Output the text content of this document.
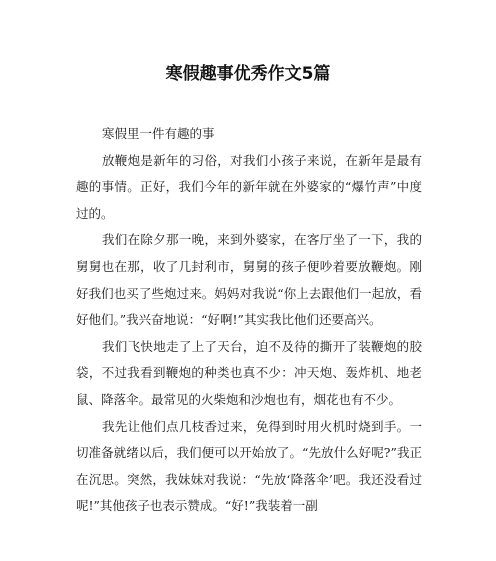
寒假趣事优秀作文5篇

寒假里一件有趣的事

放鞭炮是新年的习俗，对我们小孩子来说，在新年是最有趣的事情。正好，我们今年的新年就在外婆家的“爆竹声”中度过的。

我们在除夕那一晚，来到外婆家，在客厅坐了一下，我的舅舅也在那，收了几封利市，舅舅的孩子便吵着要放鞭炮。刚好我们也买了些炮过来。妈妈对我说“你上去跟他们一起放，看好他们。”我兴奋地说：“好啊!”其实我比他们还要高兴。

我们飞快地走了上了天台，迫不及待的撕开了装鞭炮的胶袋，不过我看到鞭炮的种类也真不少：冲天炮、轰炸机、地老鼠、降落伞。最常见的火柴炮和沙炮也有，烟花也有不少。

我先让他们点几枝香过来，免得到时用火机时烧到手。一切准备就绪以后，我们便可以开始放了。“先放什么好呢?”我正在沉思。突然，我妹妹对我说：“先放‘降落伞’吧。我还没看过呢!”其他孩子也表示赞成。“好!”我装着一副
